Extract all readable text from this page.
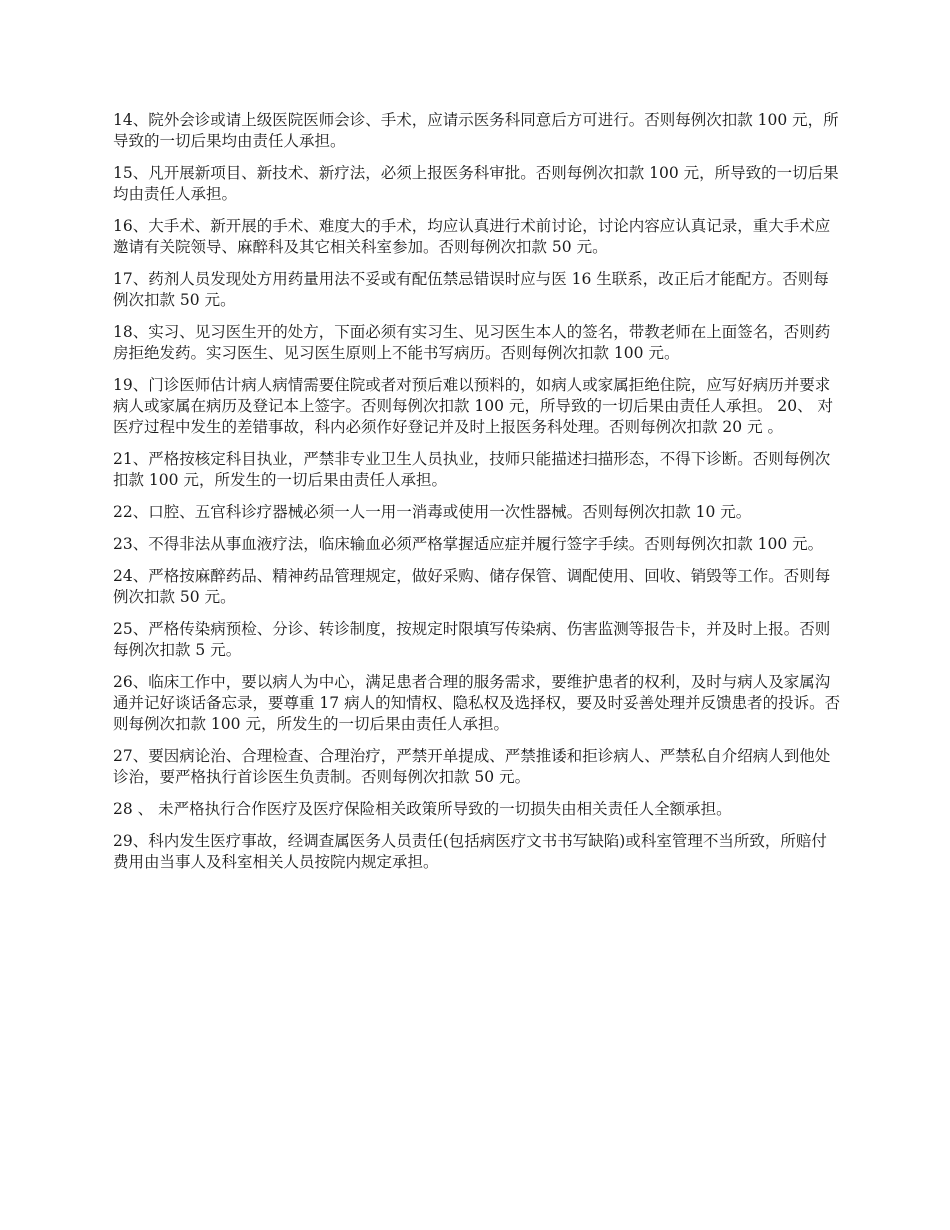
14、院外会诊或请上级医院医师会诊、手术，应请示医务科同意后方可进行。否则每例次扣款 100 元，所导致的一切后果均由责任人承担。

15、凡开展新项目、新技术、新疗法，必须上报医务科审批。否则每例次扣款 100 元，所导致的一切后果均由责任人承担。

16、大手术、新开展的手术、难度大的手术，均应认真进行术前讨论，讨论内容应认真记录，重大手术应邀请有关院领导、麻醉科及其它相关科室参加。否则每例次扣款 50 元。

17、药剂人员发现处方用药量用法不妥或有配伍禁忌错误时应与医 16 生联系，改正后才能配方。否则每例次扣款 50 元。

18、实习、见习医生开的处方，下面必须有实习生、见习医生本人的签名，带教老师在上面签名，否则药房拒绝发药。实习医生、见习医生原则上不能书写病历。否则每例次扣款 100 元。

19、门诊医师估计病人病情需要住院或者对预后难以预料的，如病人或家属拒绝住院，应写好病历并要求病人或家属在病历及登记本上签字。否则每例次扣款 100 元，所导致的一切后果由责任人承担。 20、 对医疗过程中发生的差错事故，科内必须作好登记并及时上报医务科处理。否则每例次扣款 20 元 。

21、严格按核定科目执业，严禁非专业卫生人员执业，技师只能描述扫描形态，不得下诊断。否则每例次扣款 100 元，所发生的一切后果由责任人承担。

22、口腔、五官科诊疗器械必须一人一用一消毒或使用一次性器械。否则每例次扣款 10 元。

23、不得非法从事血液疗法，临床输血必须严格掌握适应症并履行签字手续。否则每例次扣款 100 元。

24、严格按麻醉药品、精神药品管理规定，做好采购、储存保管、调配使用、回收、销毁等工作。否则每例次扣款 50 元。

25、严格传染病预检、分诊、转诊制度，按规定时限填写传染病、伤害监测等报告卡，并及时上报。否则每例次扣款 5 元。

26、临床工作中，要以病人为中心，满足患者合理的服务需求，要维护患者的权利，及时与病人及家属沟通并记好谈话备忘录，要尊重 17 病人的知情权、隐私权及选择权，要及时妥善处理并反馈患者的投诉。否则每例次扣款 100 元，所发生的一切后果由责任人承担。

27、要因病论治、合理检查、合理治疗，严禁开单提成、严禁推诿和拒诊病人、严禁私自介绍病人到他处诊治，要严格执行首诊医生负责制。否则每例次扣款 50 元。

28 、 未严格执行合作医疗及医疗保险相关政策所导致的一切损失由相关责任人全额承担。

29、科内发生医疗事故，经调查属医务人员责任(包括病医疗文书书写缺陷)或科室管理不当所致，所赔付费用由当事人及科室相关人员按院内规定承担。
